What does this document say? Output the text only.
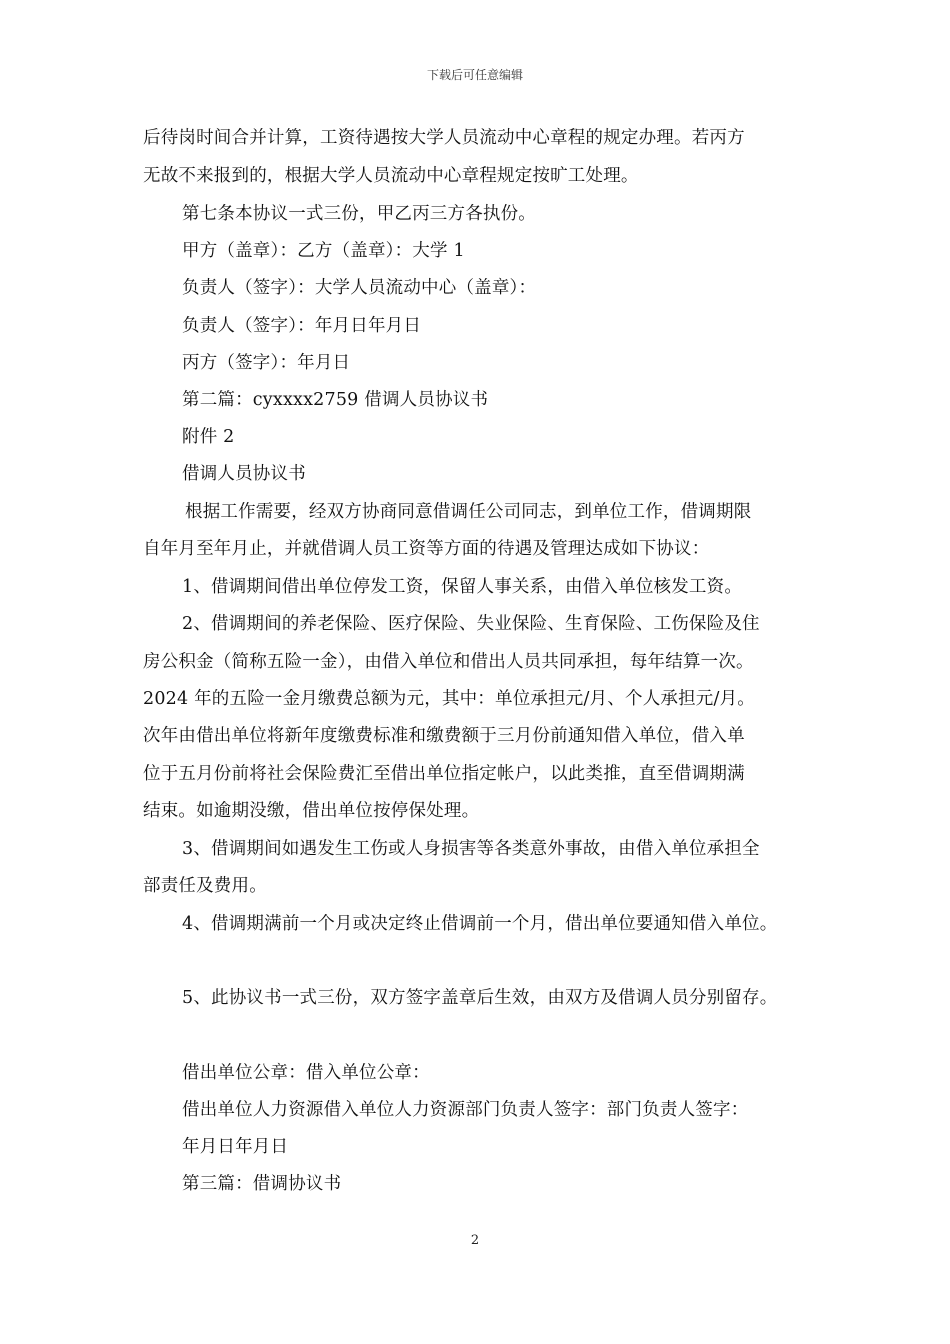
下载后可任意编辑
后待岗时间合并计算，工资待遇按大学人员流动中心章程的规定办理。若丙方
无故不来报到的，根据大学人员流动中心章程规定按旷工处理。
第七条本协议一式三份，甲乙丙三方各执份。
甲方（盖章）：乙方（盖章）：大学 1
负责人（签字）：大学人员流动中心（盖章）：
负责人（签字）：年月日年月日
丙方（签字）：年月日
第二篇：cyxxxx2759 借调人员协议书
附件 2
借调人员协议书
根据工作需要，经双方协商同意借调任公司同志，到单位工作，借调期限
自年月至年月止，并就借调人员工资等方面的待遇及管理达成如下协议：
1、借调期间借出单位停发工资，保留人事关系，由借入单位核发工资。
2、借调期间的养老保险、医疗保险、失业保险、生育保险、工伤保险及住
房公积金（简称五险一金），由借入单位和借出人员共同承担，每年结算一次。
2024 年的五险一金月缴费总额为元，其中：单位承担元/月、个人承担元/月。
次年由借出单位将新年度缴费标准和缴费额于三月份前通知借入单位，借入单
位于五月份前将社会保险费汇至借出单位指定帐户，以此类推，直至借调期满
结束。如逾期没缴，借出单位按停保处理。
3、借调期间如遇发生工伤或人身损害等各类意外事故，由借入单位承担全
部责任及费用。
4、借调期满前一个月或决定终止借调前一个月，借出单位要通知借入单位。
5、此协议书一式三份，双方签字盖章后生效，由双方及借调人员分别留存。
借出单位公章：借入单位公章：
借出单位人力资源借入单位人力资源部门负责人签字：部门负责人签字：
年月日年月日
第三篇：借调协议书
2
